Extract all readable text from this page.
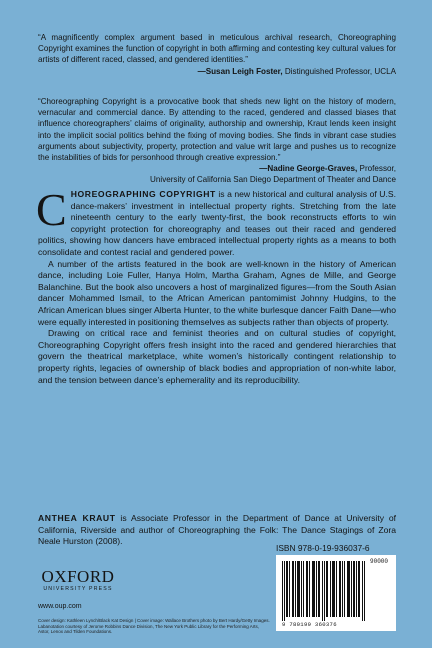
“A magnificently complex argument based in meticulous archival research, Choreographing Copyright examines the function of copyright in both affirming and contesting key cultural values for artists of different raced, classed, and gendered identities.”

—Susan Leigh Foster, Distinguished Professor, UCLA

“Choreographing Copyright is a provocative book that sheds new light on the history of modern, vernacular and commercial dance. By attending to the raced, gendered and classed biases that influence choreographers’ claims of originality, authorship and ownership, Kraut lends keen insight into the implicit social politics behind the fixing of moving bodies. She finds in vibrant case studies arguments about subjectivity, property, protection and value writ large and pushes us to recognize the instabilities of bids for personhood through creative expression.”

—Nadine George-Graves, Professor,
University of California San Diego Department of Theater and Dance

CHOREOGRAPHING COPYRIGHT is a new historical and cultural analysis of U.S. dance-makers’ investment in intellectual property rights. Stretching from the late nineteenth century to the early twenty-first, the book reconstructs efforts to win copyright protection for choreography and teases out their raced and gendered politics, showing how dancers have embraced intellectual property rights as a means to both consolidate and contest racial and gendered power.

A number of the artists featured in the book are well-known in the history of American dance, including Loie Fuller, Hanya Holm, Martha Graham, Agnes de Mille, and George Balanchine. But the book also uncovers a host of marginalized figures—from the South Asian dancer Mohammed Ismail, to the African American pantomimist Johnny Hudgins, to the African American blues singer Alberta Hunter, to the white burlesque dancer Faith Dane—who were equally interested in positioning themselves as subjects rather than objects of property.

Drawing on critical race and feminist theories and on cultural studies of copyright, Choreographing Copyright offers fresh insight into the raced and gendered hierarchies that govern the theatrical marketplace, white women’s historically contingent relationship to property rights, legacies of ownership of black bodies and appropriation of non-white labor, and the tension between dance’s ephemerality and its reproducibility.

ANTHEA KRAUT is Associate Professor in the Department of Dance at University of California, Riverside and author of Choreographing the Folk: The Dance Stagings of Zora Neale Hurston (2008).
OXFORD
UNIVERSITY PRESS
www.oup.com
Cover design: Kathleen Lynch/Black Kat Design | Cover image: Wallace Brothers photo by Bert Hardy/Getty Images. Labanotation courtesy of Jerome Robbins Dance Division, The New York Public Library for the Performing Arts, Astor, Lenox and Tilden Foundations.
ISBN 978-0-19-936037-6
90000
9 780199 360376
